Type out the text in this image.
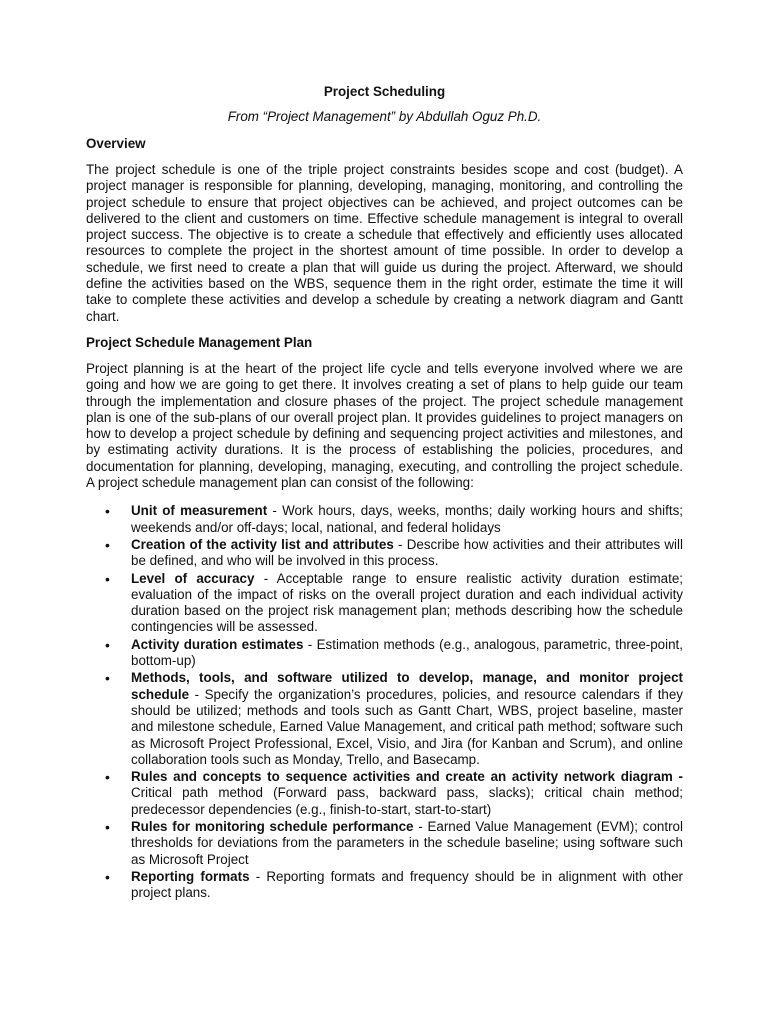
Project Scheduling
From “Project Management” by Abdullah Oguz Ph.D.
Overview
The project schedule is one of the triple project constraints besides scope and cost (budget). A project manager is responsible for planning, developing, managing, monitoring, and controlling the project schedule to ensure that project objectives can be achieved, and project outcomes can be delivered to the client and customers on time. Effective schedule management is integral to overall project success. The objective is to create a schedule that effectively and efficiently uses allocated resources to complete the project in the shortest amount of time possible. In order to develop a schedule, we first need to create a plan that will guide us during the project. Afterward, we should define the activities based on the WBS, sequence them in the right order, estimate the time it will take to complete these activities and develop a schedule by creating a network diagram and Gantt chart.
Project Schedule Management Plan
Project planning is at the heart of the project life cycle and tells everyone involved where we are going and how we are going to get there. It involves creating a set of plans to help guide our team through the implementation and closure phases of the project. The project schedule management plan is one of the sub-plans of our overall project plan. It provides guidelines to project managers on how to develop a project schedule by defining and sequencing project activities and milestones, and by estimating activity durations. It is the process of establishing the policies, procedures, and documentation for planning, developing, managing, executing, and controlling the project schedule. A project schedule management plan can consist of the following:
• Unit of measurement - Work hours, days, weeks, months; daily working hours and shifts; weekends and/or off-days; local, national, and federal holidays
• Creation of the activity list and attributes - Describe how activities and their attributes will be defined, and who will be involved in this process.
• Level of accuracy - Acceptable range to ensure realistic activity duration estimate; evaluation of the impact of risks on the overall project duration and each individual activity duration based on the project risk management plan; methods describing how the schedule contingencies will be assessed.
• Activity duration estimates - Estimation methods (e.g., analogous, parametric, three-point, bottom-up)
• Methods, tools, and software utilized to develop, manage, and monitor project schedule - Specify the organization’s procedures, policies, and resource calendars if they should be utilized; methods and tools such as Gantt Chart, WBS, project baseline, master and milestone schedule, Earned Value Management, and critical path method; software such as Microsoft Project Professional, Excel, Visio, and Jira (for Kanban and Scrum), and online collaboration tools such as Monday, Trello, and Basecamp.
• Rules and concepts to sequence activities and create an activity network diagram - Critical path method (Forward pass, backward pass, slacks); critical chain method; predecessor dependencies (e.g., finish-to-start, start-to-start)
• Rules for monitoring schedule performance - Earned Value Management (EVM); control thresholds for deviations from the parameters in the schedule baseline; using software such as Microsoft Project
• Reporting formats - Reporting formats and frequency should be in alignment with other project plans.
